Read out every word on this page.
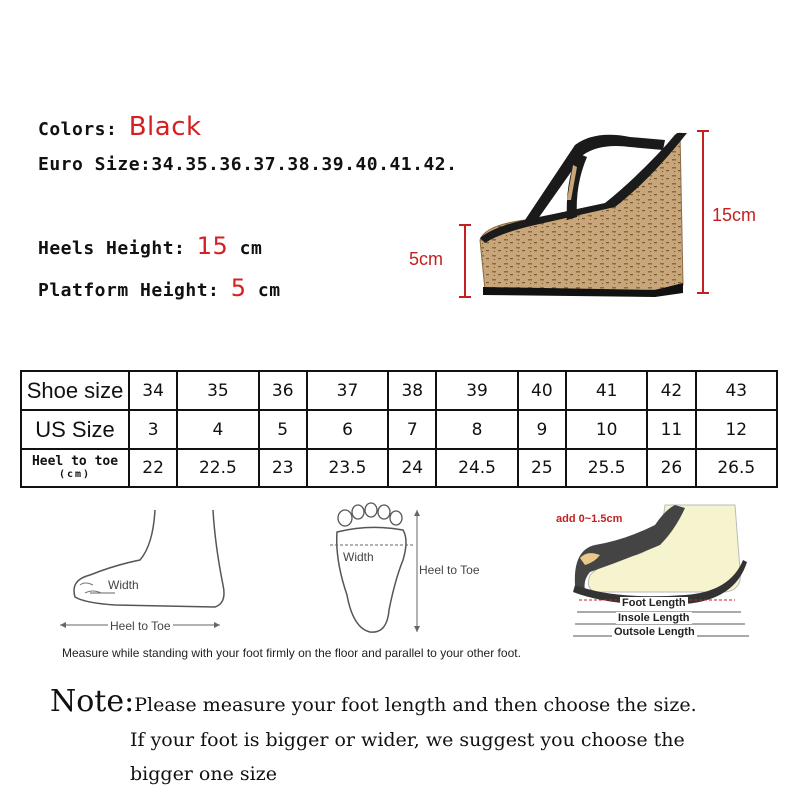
Colors: Black
Euro Size:34.35.36.37.38.39.40.41.42.
Heels Height: 15 cm
Platform Height: 5 cm
5cm
15cm
Shoe size	34	35	36	37	38	39	40	41	42	43
US Size	3	4	5	6	7	8	9	10	11	12
Heel to toe
(cm)	22	22.5	23	23.5	24	24.5	25	25.5	26	26.5
Width
Heel to Toe
Width
Heel to Toe
add 0~1.5cm
Foot Length
Insole Length
Outsole Length
Measure while standing with your foot firmly on the floor and parallel to your other foot.
Note:Please measure your foot length and then choose the size.
If your foot is bigger or wider, we suggest you choose the
bigger one size
